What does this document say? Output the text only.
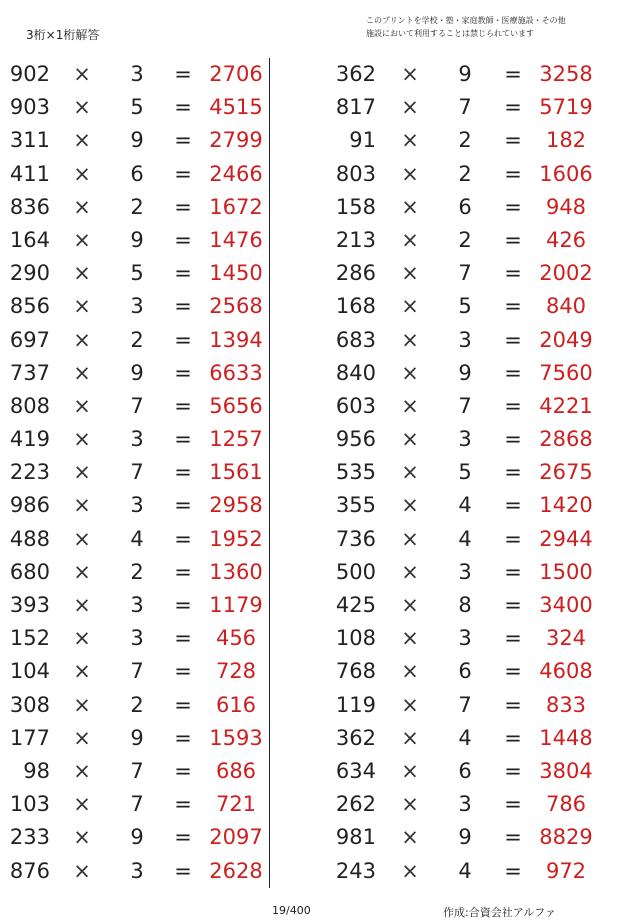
3桁×1桁解答
このプリントを学校・塾・家庭教師・医療施設・その他
施設において利用することは禁じられています
902 ×	3	= 2706
903 ×	5	= 4515
311 ×	9	= 2799
411 ×	6	= 2466
836 ×	2	= 1672
164 ×	9	= 1476
290 ×	5	= 1450
856 ×	3	= 2568
697 ×	2	= 1394
737 ×	9	= 6633
808 ×	7	= 5656
419 ×	3	= 1257
223 ×	7	= 1561
986 ×	3	= 2958
488 ×	4	= 1952
680 ×	2	= 1360
393 ×	3	= 1179
152 ×	3	=	456
104 ×	7	=	728
308 ×	2	=	616
177 ×	9	= 1593
98 ×	7	=	686
103 ×	7	=	721
233 ×	9	= 2097
876 ×	3	= 2628
362 ×	9	= 3258
817 ×	7	= 5719
91 ×	2	=	182
803 ×	2	= 1606
158 ×	6	=	948
213 ×	2	=	426
286 ×	7	= 2002
168 ×	5	=	840
683 ×	3	= 2049
840 ×	9	= 7560
603 ×	7	= 4221
956 ×	3	= 2868
535 ×	5	= 2675
355 ×	4	= 1420
736 ×	4	= 2944
500 ×	3	= 1500
425 ×	8	= 3400
108 ×	3	=	324
768 ×	6	= 4608
119 ×	7	=	833
362 ×	4	= 1448
634 ×	6	= 3804
262 ×	3	=	786
981 ×	9	= 8829
243 ×	4	=	972
19/400	作成:合資会社アルファ
